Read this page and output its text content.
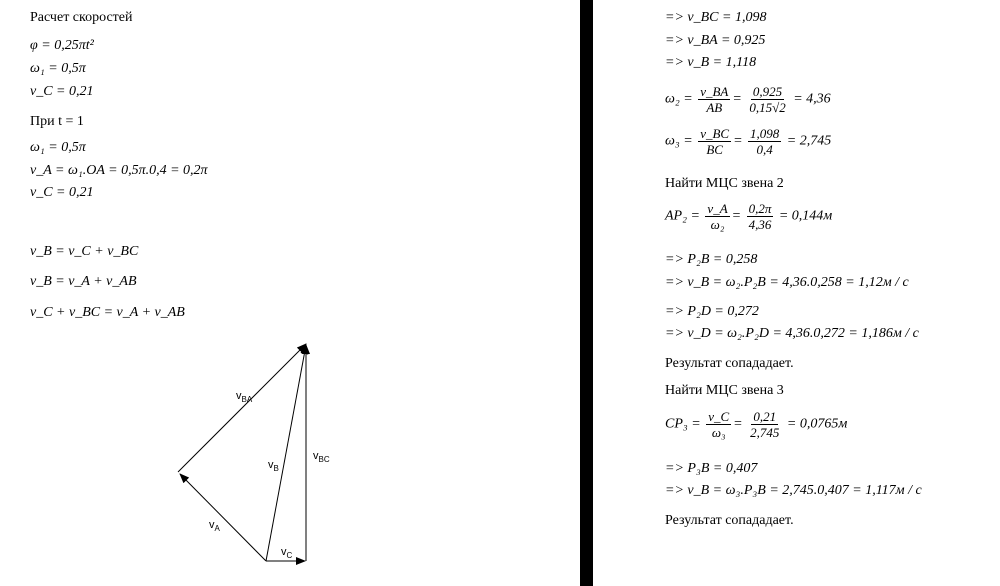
Расчет скоростей
φ = 0,25πt²
ω₁ = 0,5π
v_C = 0,21
При t = 1
ω₁ = 0,5π
v_A = ω₁.OA = 0,5π.0,4 = 0,2π
v_C = 0,21
v_B = v_C + v_BC
v_B = v_A + v_AB
v_C + v_BC = v_A + v_AB
$v_{BA}$
$v_B$
$v_{BC}$
$v_A$
$v_C$
=> v_BC = 1,098
=> v_BA = 0,925
=> v_B = 1,118
$\omega_2 = \frac{v\_BA}{AB} = \frac{0,925}{0,15√2} = 4,36$
$\omega_3 = \frac{v\_BC}{BC} = \frac{1,098}{0,4} = 2,745$
Найти МЦС звена 2
$AP_2 = \frac{v\_A}{\text{ω₂}} = \frac{0,2\pi}{4,36} = 0,144м$
=> P₂B = 0,258
=> v_B = ω₂.P₂B = 4,36.0,258 = 1,12м / с
=> P₂D = 0,272
=> v_D = ω₂.P₂D = 4,36.0,272 = 1,186м / с
Результат сопададает.
Найти МЦС звена 3
$CP_3 = \frac{v\_C}{\text{ω₃}} = \frac{0,21}{2,745} = 0,0765м$
=> P₃B = 0,407
=> v_B = ω₃.P₃B = 2,745.0,407 = 1,117м / с
Результат сопададает.
